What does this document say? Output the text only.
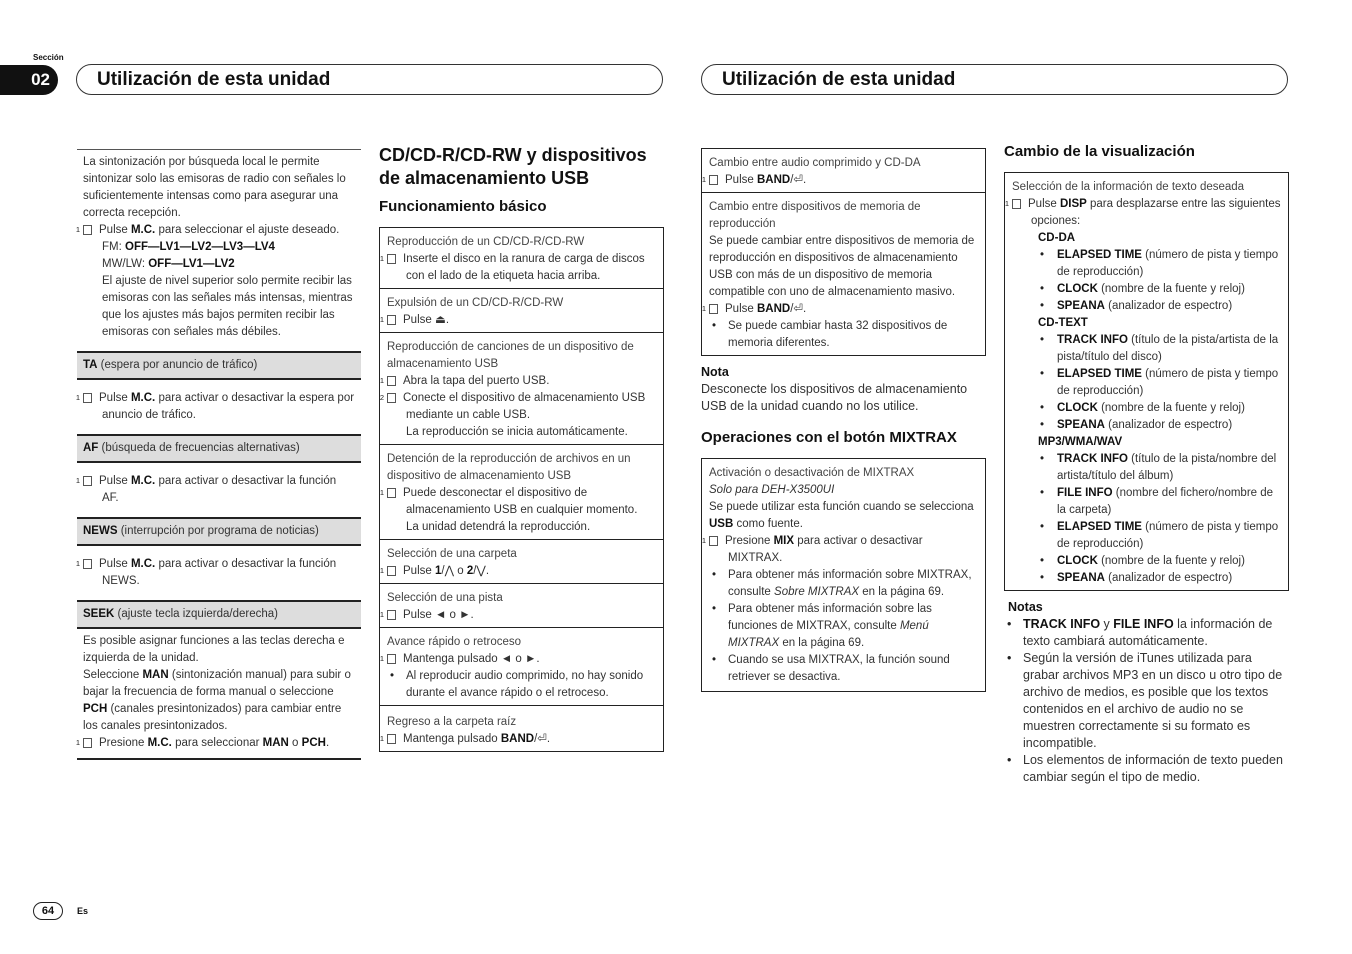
Sección
02	Utilización de esta unidad	Utilización de esta unidad
La sintonización por búsqueda local le permite sintonizar solo las emisoras de radio con señales lo suficientemente intensas como para asegurar una correcta recepción.
1 Pulse M.C. para seleccionar el ajuste deseado.
FM: OFF—LV1—LV2—LV3—LV4
MW/LW: OFF—LV1—LV2
El ajuste de nivel superior solo permite recibir las emisoras con las señales más intensas, mientras que los ajustes más bajos permiten recibir las emisoras con señales más débiles.
TA (espera por anuncio de tráfico)
1 Pulse M.C. para activar o desactivar la espera por anuncio de tráfico.
AF (búsqueda de frecuencias alternativas)
1 Pulse M.C. para activar o desactivar la función AF.
NEWS (interrupción por programa de noticias)
1 Pulse M.C. para activar o desactivar la función NEWS.
SEEK (ajuste tecla izquierda/derecha)
Es posible asignar funciones a las teclas derecha e izquierda de la unidad.
Seleccione MAN (sintonización manual) para subir o bajar la frecuencia de forma manual o seleccione PCH (canales presintonizados) para cambiar entre los canales presintonizados.
1 Presione M.C. para seleccionar MAN o PCH.
CD/CD-R/CD-RW y dispositivos de almacenamiento USB
Funcionamiento básico
Reproducción de un CD/CD-R/CD-RW
1 Inserte el disco en la ranura de carga de discos con el lado de la etiqueta hacia arriba.
Expulsión de un CD/CD-R/CD-RW
1 Pulse ⏏.
Reproducción de canciones de un dispositivo de almacenamiento USB
1 Abra la tapa del puerto USB.
2 Conecte el dispositivo de almacenamiento USB mediante un cable USB.
La reproducción se inicia automáticamente.
Detención de la reproducción de archivos en un dispositivo de almacenamiento USB
1 Puede desconectar el dispositivo de almacenamiento USB en cualquier momento.
La unidad detendrá la reproducción.
Selección de una carpeta
1 Pulse 1/⋀ o 2/⋁.
Selección de una pista
1 Pulse ◄ o ►.
Avance rápido o retroceso
1 Mantenga pulsado ◄ o ►.
• Al reproducir audio comprimido, no hay sonido durante el avance rápido o el retroceso.
Regreso a la carpeta raíz
1 Mantenga pulsado BAND/⏎.
Cambio entre audio comprimido y CD-DA
1 Pulse BAND/⏎.
Cambio entre dispositivos de memoria de reproducción
Se puede cambiar entre dispositivos de memoria de reproducción en dispositivos de almacenamiento USB con más de un dispositivo de memoria compatible con uno de almacenamiento masivo.
1 Pulse BAND/⏎.
• Se puede cambiar hasta 32 dispositivos de memoria diferentes.
Nota
Desconecte los dispositivos de almacenamiento USB de la unidad cuando no los utilice.
Operaciones con el botón MIXTRAX
Activación o desactivación de MIXTRAX
Solo para DEH-X3500UI
Se puede utilizar esta función cuando se selecciona USB como fuente.
1 Presione MIX para activar o desactivar MIXTRAX.
• Para obtener más información sobre MIXTRAX, consulte Sobre MIXTRAX en la página 69.
• Para obtener más información sobre las funciones de MIXTRAX, consulte Menú MIXTRAX en la página 69.
• Cuando se usa MIXTRAX, la función sound retriever se desactiva.
Cambio de la visualización
Selección de la información de texto deseada
1 Pulse DISP para desplazarse entre las siguientes opciones:
CD-DA
• ELAPSED TIME (número de pista y tiempo de reproducción)
• CLOCK (nombre de la fuente y reloj)
• SPEANA (analizador de espectro)
CD-TEXT
• TRACK INFO (título de la pista/artista de la pista/título del disco)
• ELAPSED TIME (número de pista y tiempo de reproducción)
• CLOCK (nombre de la fuente y reloj)
• SPEANA (analizador de espectro)
MP3/WMA/WAV
• TRACK INFO (título de la pista/nombre del artista/título del álbum)
• FILE INFO (nombre del fichero/nombre de la carpeta)
• ELAPSED TIME (número de pista y tiempo de reproducción)
• CLOCK (nombre de la fuente y reloj)
• SPEANA (analizador de espectro)
Notas
• TRACK INFO y FILE INFO la información de texto cambiará automáticamente.
• Según la versión de iTunes utilizada para grabar archivos MP3 en un disco u otro tipo de archivo de medios, es posible que los textos contenidos en el archivo de audio no se muestren correctamente si su formato es incompatible.
• Los elementos de información de texto pueden cambiar según el tipo de medio.
64	Es
